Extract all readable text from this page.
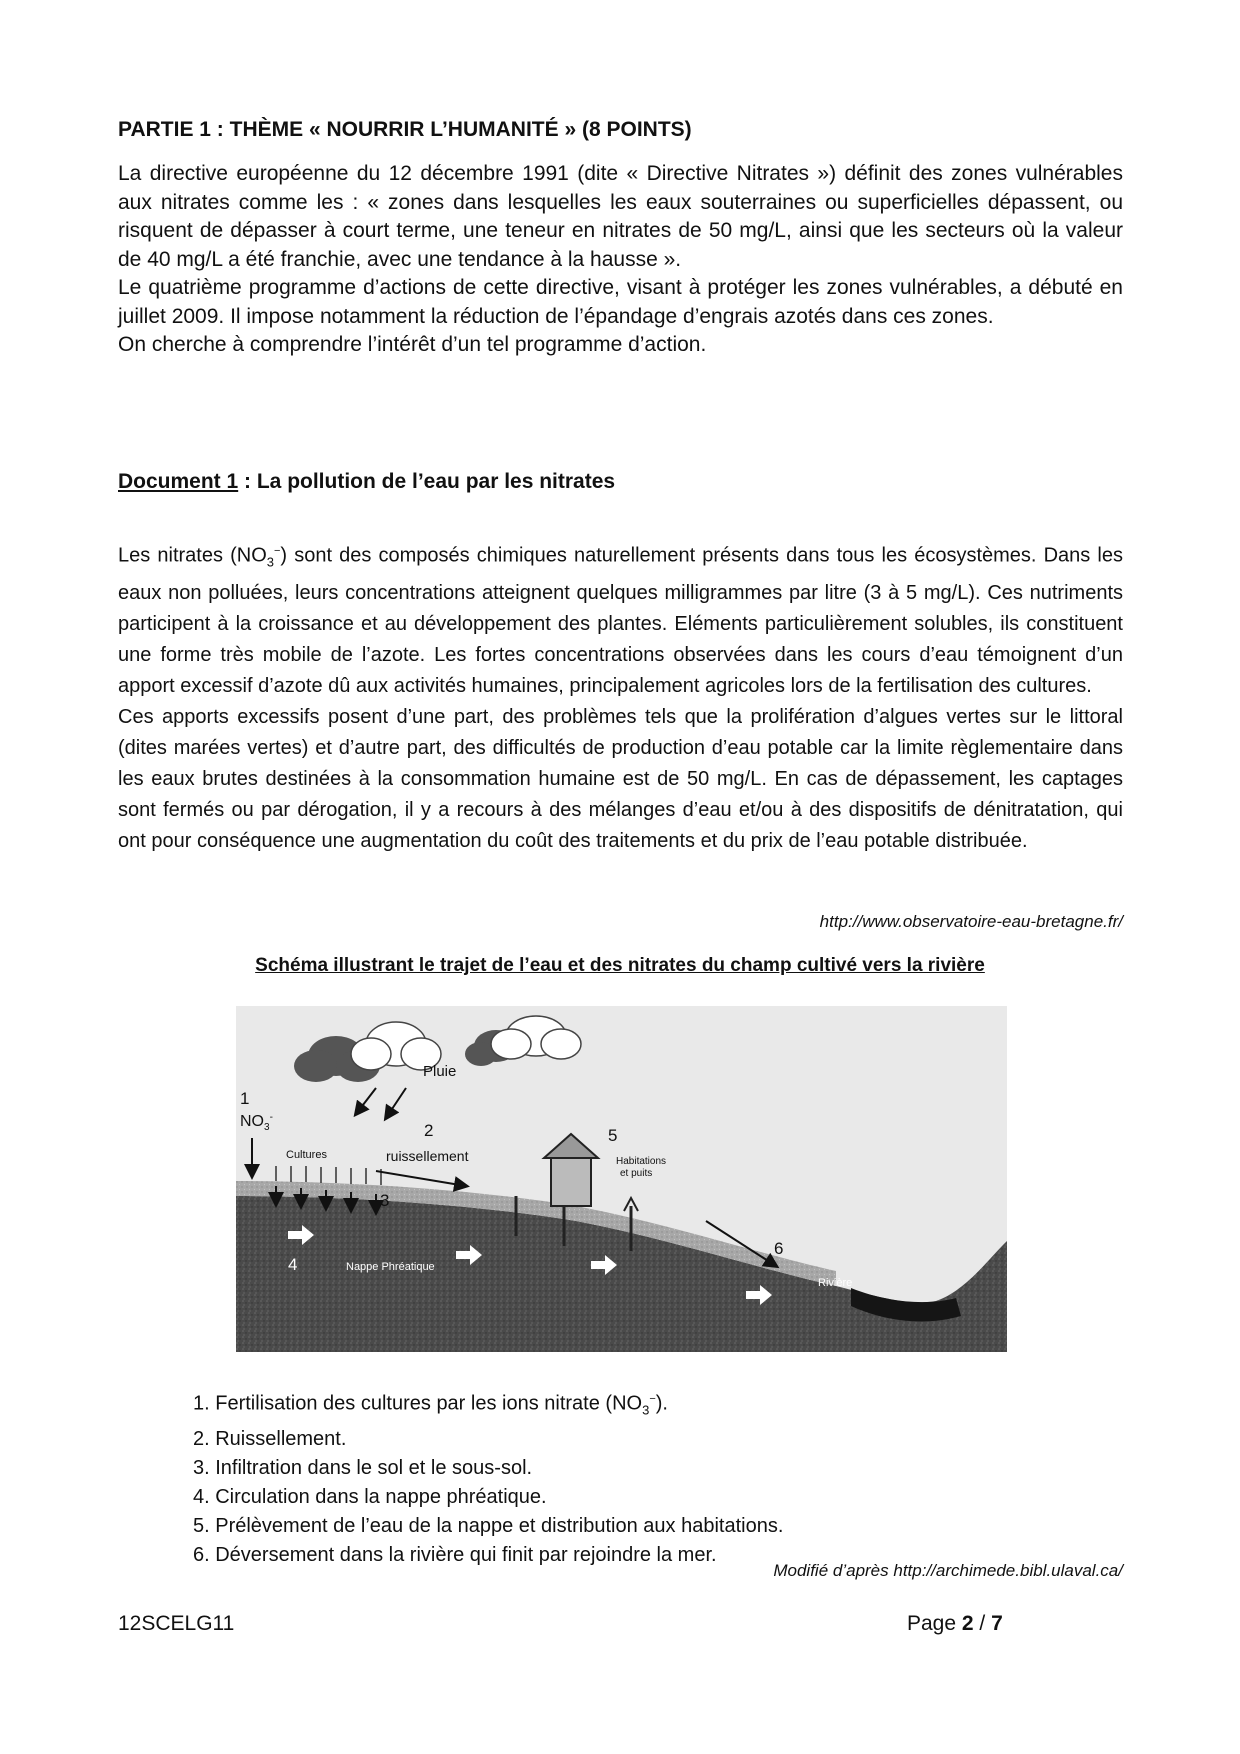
PARTIE 1 : THÈME « NOURRIR L’HUMANITÉ » (8 POINTS)

La directive européenne du 12 décembre 1991 (dite « Directive Nitrates ») définit des zones vulnérables aux nitrates comme les : « zones dans lesquelles les eaux souterraines ou superficielles dépassent, ou risquent de dépasser à court terme, une teneur en nitrates de 50 mg/L, ainsi que les secteurs où la valeur de 40 mg/L a été franchie, avec une tendance à la hausse ».

Le quatrième programme d’actions de cette directive, visant à protéger les zones vulnérables, a débuté en juillet 2009. Il impose notamment la réduction de l’épandage d’engrais azotés dans ces zones.

On cherche à comprendre l’intérêt d’un tel programme d’action.

Document 1 : La pollution de l’eau par les nitrates

Les nitrates $(NO_3^-)$ sont des composés chimiques naturellement présents dans tous les écosystèmes. Dans les eaux non polluées, leurs concentrations atteignent quelques milligrammes par litre (3 à 5 mg/L). Ces nutriments participent à la croissance et au développement des plantes. Eléments particulièrement solubles, ils constituent une forme très mobile de l’azote. Les fortes concentrations observées dans les cours d’eau témoignent d’un apport excessif d’azote dû aux activités humaines, principalement agricoles lors de la fertilisation des cultures.

Ces apports excessifs posent d’une part, des problèmes tels que la prolifération d’algues vertes sur le littoral (dites marées vertes) et d’autre part, des difficultés de production d’eau potable car la limite règlementaire dans les eaux brutes destinées à la consommation humaine est de 50 mg/L. En cas de dépassement, les captages sont fermés ou par dérogation, il y a recours à des mélanges d’eau et/ou à des dispositifs de dénitratation, qui ont pour conséquence une augmentation du coût des traitements et du prix de l’eau potable distribuée.

http://www.observatoire-eau-bretagne.fr/
Schéma illustrant le trajet de l’eau et des nitrates du champ cultivé vers la rivière
Pluie
1
$NO_3^-$
Cultures
2
ruissellement
3
4	Nappe Phréatique
5
Habitations
et puits
6
Rivière
1. Fertilisation des cultures par les ions nitrate $(NO_3^-)$.
2. Ruissellement.
3. Infiltration dans le sol et le sous-sol.
4. Circulation dans la nappe phréatique.
5. Prélèvement de l’eau de la nappe et distribution aux habitations.
6. Déversement dans la rivière qui finit par rejoindre la mer.
Modifié d’après http://archimede.bibl.ulaval.ca/
12SCELG11	Page 2 / 7
